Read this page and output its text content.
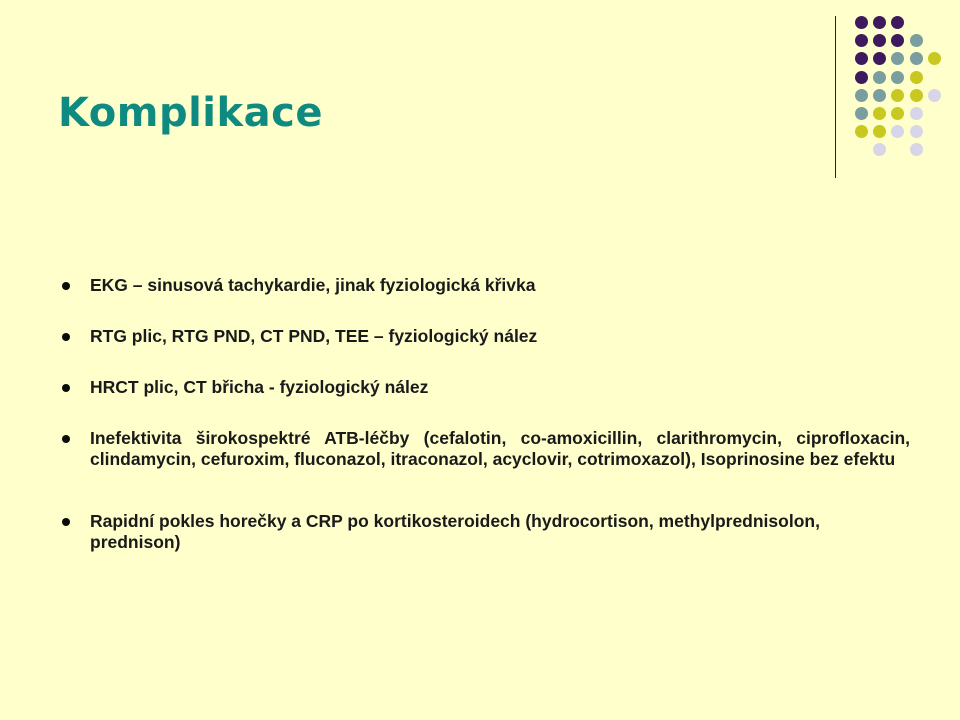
Komplikace
EKG – sinusová tachykardie, jinak fyziologická křivka
RTG plic, RTG PND, CT PND, TEE – fyziologický nález
HRCT plic, CT břicha - fyziologický nález
Inefektivita širokospektré ATB-léčby (cefalotin, co-amoxicillin, clarithromycin, ciprofloxacin, clindamycin, cefuroxim, fluconazol, itraconazol, acyclovir, cotrimoxazol), Isoprinosine bez efektu
Rapidní pokles horečky a CRP po kortikosteroidech (hydrocortison, methylprednisolon, prednison)
